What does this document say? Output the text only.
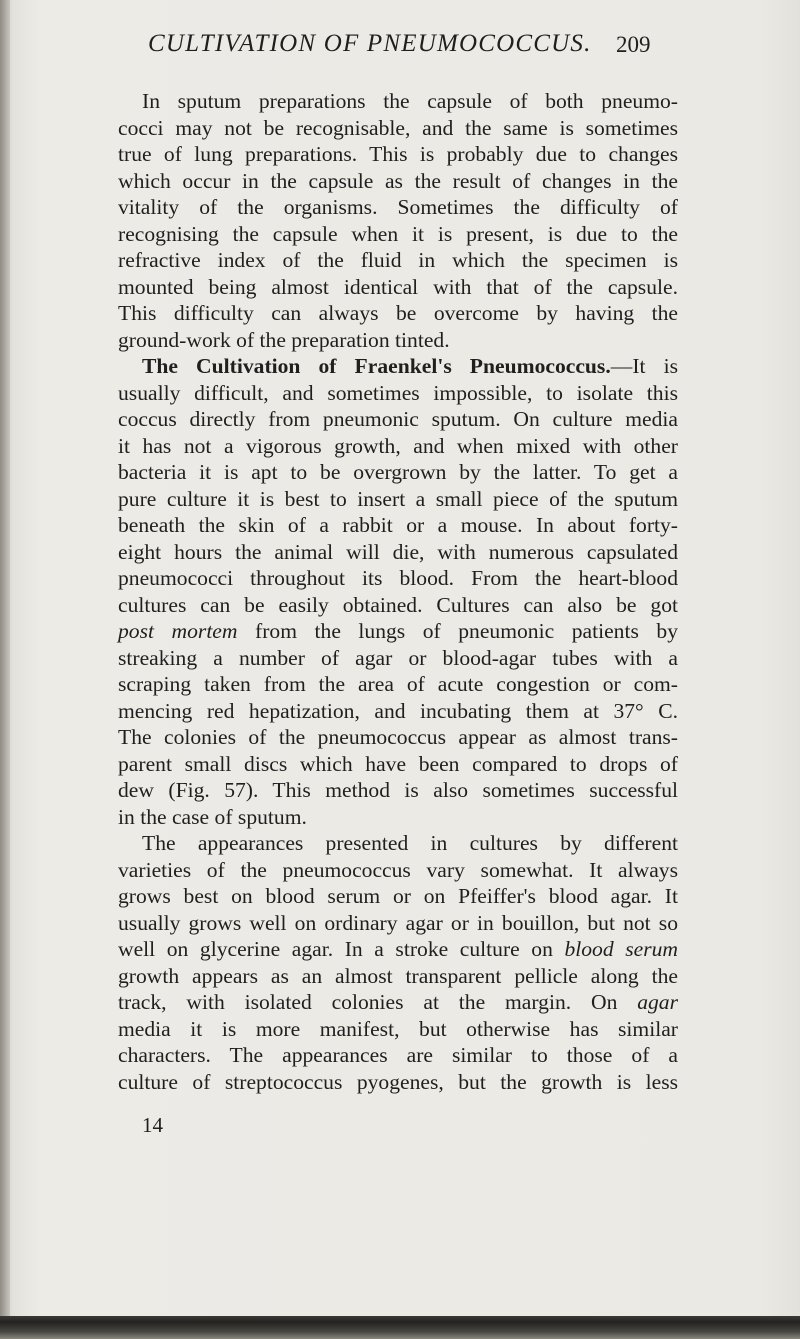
CULTIVATION OF PNEUMOCOCCUS. 209
In sputum preparations the capsule of both pneumo-
cocci may not be recognisable, and the same is sometimes
true of lung preparations. This is probably due to changes
which occur in the capsule as the result of changes in the
vitality of the organisms. Sometimes the difficulty of
recognising the capsule when it is present, is due to the
refractive index of the fluid in which the specimen is
mounted being almost identical with that of the capsule.
This difficulty can always be overcome by having the
ground-work of the preparation tinted.
The Cultivation of Fraenkel's Pneumococcus.—It is
usually difficult, and sometimes impossible, to isolate this
coccus directly from pneumonic sputum. On culture media
it has not a vigorous growth, and when mixed with other
bacteria it is apt to be overgrown by the latter. To get a
pure culture it is best to insert a small piece of the sputum
beneath the skin of a rabbit or a mouse. In about forty-
eight hours the animal will die, with numerous capsulated
pneumococci throughout its blood. From the heart-blood
cultures can be easily obtained. Cultures can also be got
post mortem from the lungs of pneumonic patients by
streaking a number of agar or blood-agar tubes with a
scraping taken from the area of acute congestion or com-
mencing red hepatization, and incubating them at 37° C.
The colonies of the pneumococcus appear as almost trans-
parent small discs which have been compared to drops of
dew (Fig. 57). This method is also sometimes successful
in the case of sputum.
The appearances presented in cultures by different
varieties of the pneumococcus vary somewhat. It always
grows best on blood serum or on Pfeiffer's blood agar. It
usually grows well on ordinary agar or in bouillon, but not so
well on glycerine agar. In a stroke culture on blood serum
growth appears as an almost transparent pellicle along the
track, with isolated colonies at the margin. On agar
media it is more manifest, but otherwise has similar
characters. The appearances are similar to those of a
culture of streptococcus pyogenes, but the growth is less
14
